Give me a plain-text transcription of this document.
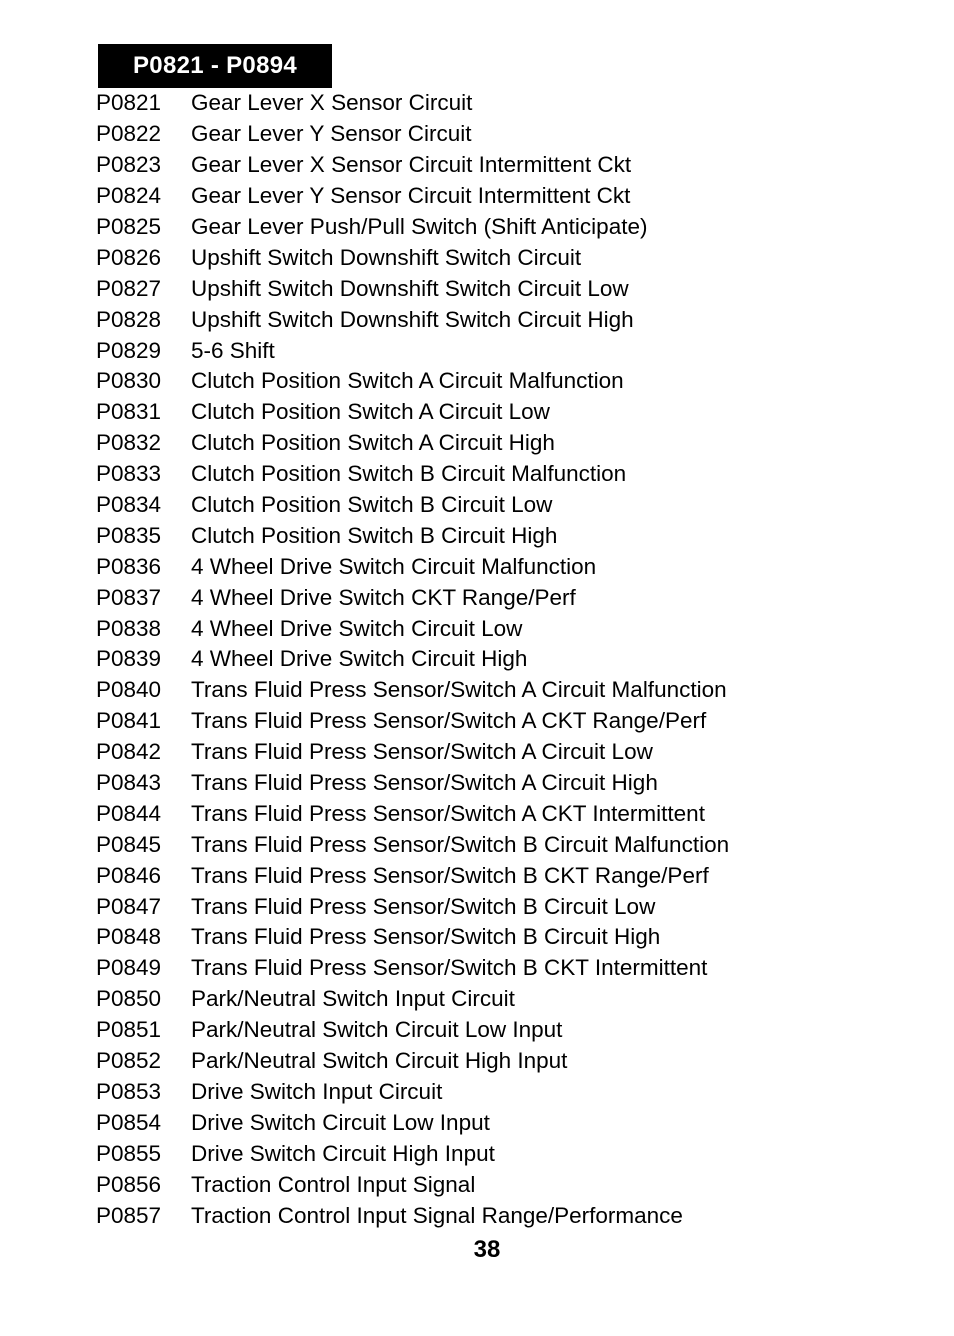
P0821 - P0894
P0821	Gear Lever X Sensor Circuit
P0822	Gear Lever Y Sensor Circuit
P0823	Gear Lever X Sensor Circuit Intermittent Ckt
P0824	Gear Lever Y Sensor Circuit Intermittent Ckt
P0825	Gear Lever Push/Pull Switch (Shift Anticipate)
P0826	Upshift Switch Downshift Switch Circuit
P0827	Upshift Switch Downshift Switch Circuit Low
P0828	Upshift Switch Downshift Switch Circuit High
P0829	5-6 Shift
P0830	Clutch Position Switch A Circuit Malfunction
P0831	Clutch Position Switch A Circuit Low
P0832	Clutch Position Switch A Circuit High
P0833	Clutch Position Switch B Circuit Malfunction
P0834	Clutch Position Switch B Circuit Low
P0835	Clutch Position Switch B Circuit High
P0836	4 Wheel Drive Switch Circuit Malfunction
P0837	4 Wheel Drive Switch CKT Range/Perf
P0838	4 Wheel Drive Switch Circuit Low
P0839	4 Wheel Drive Switch Circuit High
P0840	Trans Fluid Press Sensor/Switch A Circuit Malfunction
P0841	Trans Fluid Press Sensor/Switch A CKT Range/Perf
P0842	Trans Fluid Press Sensor/Switch A Circuit Low
P0843	Trans Fluid Press Sensor/Switch A Circuit High
P0844	Trans Fluid Press Sensor/Switch A CKT Intermittent
P0845	Trans Fluid Press Sensor/Switch B Circuit Malfunction
P0846	Trans Fluid Press Sensor/Switch B CKT Range/Perf
P0847	Trans Fluid Press Sensor/Switch B Circuit Low
P0848	Trans Fluid Press Sensor/Switch B Circuit High
P0849	Trans Fluid Press Sensor/Switch B CKT Intermittent
P0850	Park/Neutral Switch Input Circuit
P0851	Park/Neutral Switch Circuit Low Input
P0852	Park/Neutral Switch Circuit High Input
P0853	Drive Switch Input Circuit
P0854	Drive Switch Circuit Low Input
P0855	Drive Switch Circuit High Input
P0856	Traction Control Input Signal
P0857	Traction Control Input Signal Range/Performance
38
